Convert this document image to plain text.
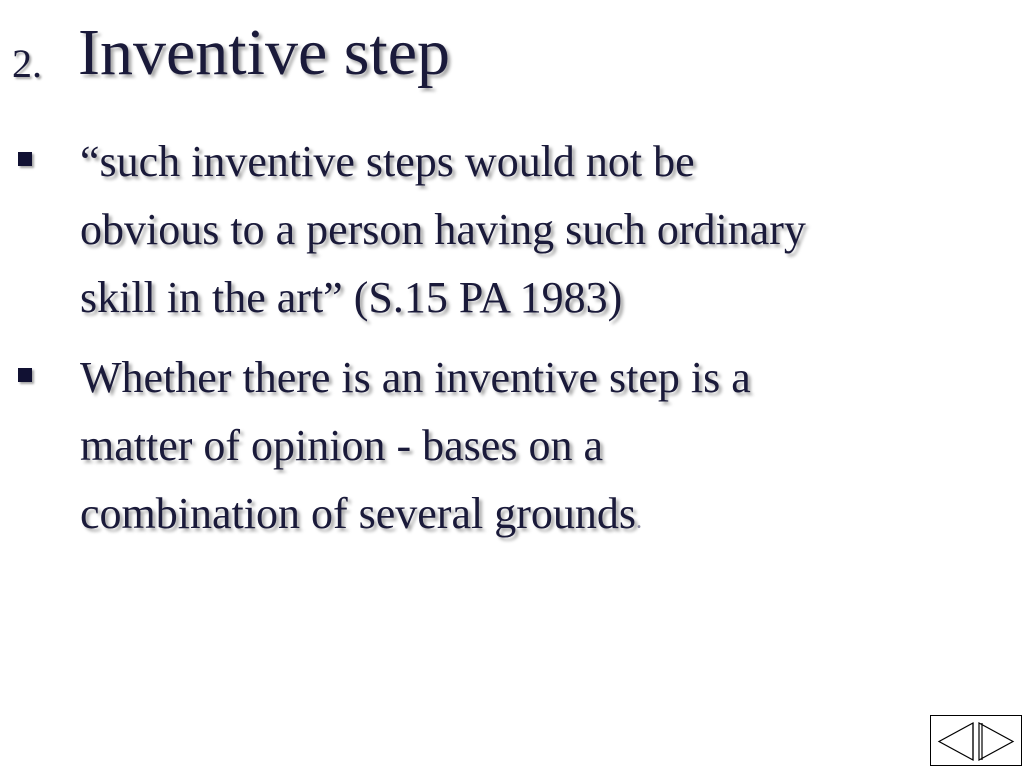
2. Inventive step
“such inventive steps would not be
obvious to a person having such ordinary
skill in the art” (S.15 PA 1983)
Whether there is an inventive step is a
matter of opinion - bases on a
combination of several grounds.
